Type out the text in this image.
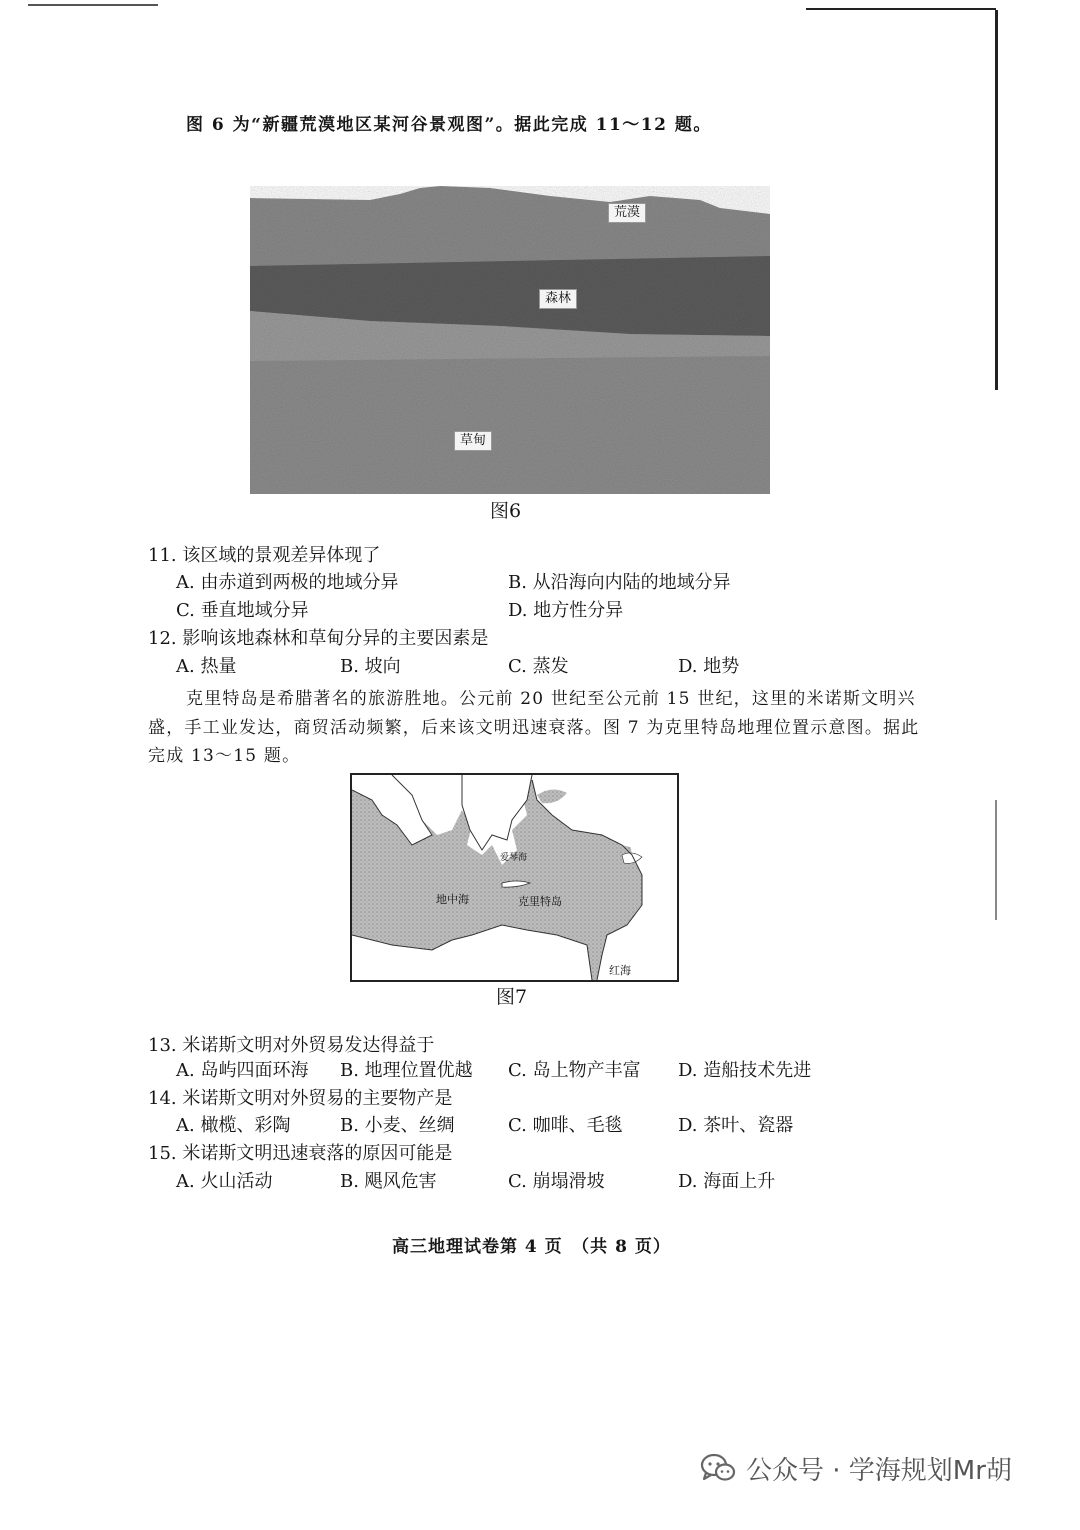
图 6 为“新疆荒漠地区某河谷景观图”。据此完成 11～12 题。
荒漠
森林
草甸
图6
11. 该区域的景观差异体现了
A. 由赤道到两极的地域分异	B. 从沿海向内陆的地域分异
C. 垂直地域分异	D. 地方性分异
12. 影响该地森林和草甸分异的主要因素是
A. 热量	B. 坡向	C. 蒸发	D. 地势
克里特岛是希腊著名的旅游胜地。公元前 20 世纪至公元前 15 世纪，这里的米诺斯文明兴
盛，手工业发达，商贸活动频繁，后来该文明迅速衰落。图 7 为克里特岛地理位置示意图。据此
完成 13～15 题。
地中海
爱琴海
克里特岛
红海
图7
13. 米诺斯文明对外贸易发达得益于
A. 岛屿四面环海 B. 地理位置优越 C. 岛上物产丰富 D. 造船技术先进
14. 米诺斯文明对外贸易的主要物产是
A. 橄榄、彩陶	B. 小麦、丝绸	C. 咖啡、毛毯	D. 茶叶、瓷器
15. 米诺斯文明迅速衰落的原因可能是
A. 火山活动	B. 飓风危害	C. 崩塌滑坡	D. 海面上升
高三地理试卷第 4 页　（共 8 页）
公众号 · 学海规划Mr胡
